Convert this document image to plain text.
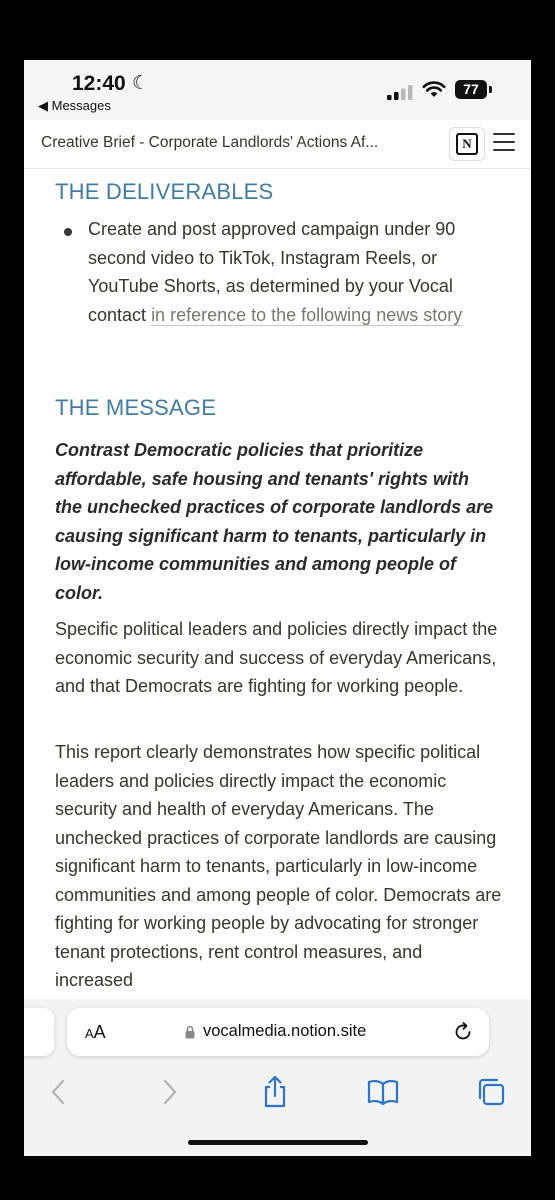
12:40 ☾
◀ Messages
77
Creative Brief - Corporate Landlords' Actions Af...	N
THE DELIVERABLES
Create and post approved campaign under 90 second video to TikTok, Instagram Reels, or YouTube Shorts, as determined by your Vocal contact in reference to the following news story
THE MESSAGE
Contrast Democratic policies that prioritize affordable, safe housing and tenants' rights with the unchecked practices of corporate landlords are causing significant harm to tenants, particularly in low-income communities and among people of color.
Specific political leaders and policies directly impact the economic security and success of everyday Americans, and that Democrats are fighting for working people.
This report clearly demonstrates how specific political leaders and policies directly impact the economic security and health of everyday Americans. The unchecked practices of corporate landlords are causing significant harm to tenants, particularly in low-income communities and among people of color. Democrats are fighting for working people by advocating for stronger tenant protections, rent control measures, and increased
AA	vocalmedia.notion.site
